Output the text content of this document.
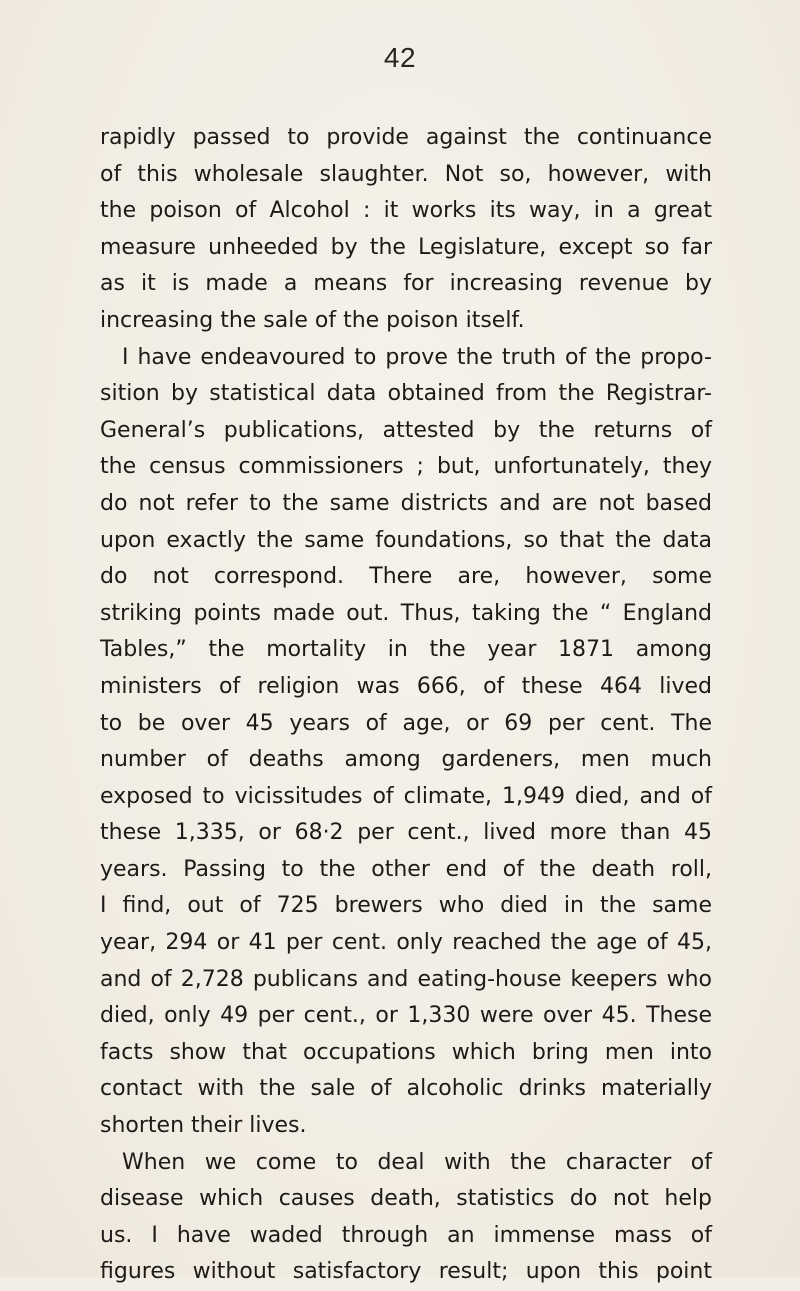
42
rapidly passed to provide against the continuance
of this wholesale slaughter. Not so, however, with
the poison of Alcohol : it works its way, in a great
measure unheeded by the Legislature, except so far
as it is made a means for increasing revenue by
increasing the sale of the poison itself.
I have endeavoured to prove the truth of the propo-
sition by statistical data obtained from the Registrar-
General’s publications, attested by the returns of
the census commissioners ; but, unfortunately, they
do not refer to the same districts and are not based
upon exactly the same foundations, so that the data
do not correspond. There are, however, some
striking points made out. Thus, taking the “ England
Tables,” the mortality in the year 1871 among
ministers of religion was 666, of these 464 lived
to be over 45 years of age, or 69 per cent. The
number of deaths among gardeners, men much
exposed to vicissitudes of climate, 1,949 died, and of
these 1,335, or 68·2 per cent., lived more than 45
years. Passing to the other end of the death roll,
I find, out of 725 brewers who died in the same
year, 294 or 41 per cent. only reached the age of 45,
and of 2,728 publicans and eating-house keepers who
died, only 49 per cent., or 1,330 were over 45. These
facts show that occupations which bring men into
contact with the sale of alcoholic drinks materially
shorten their lives.
When we come to deal with the character of
disease which causes death, statistics do not help
us. I have waded through an immense mass of
figures without satisfactory result; upon this point
